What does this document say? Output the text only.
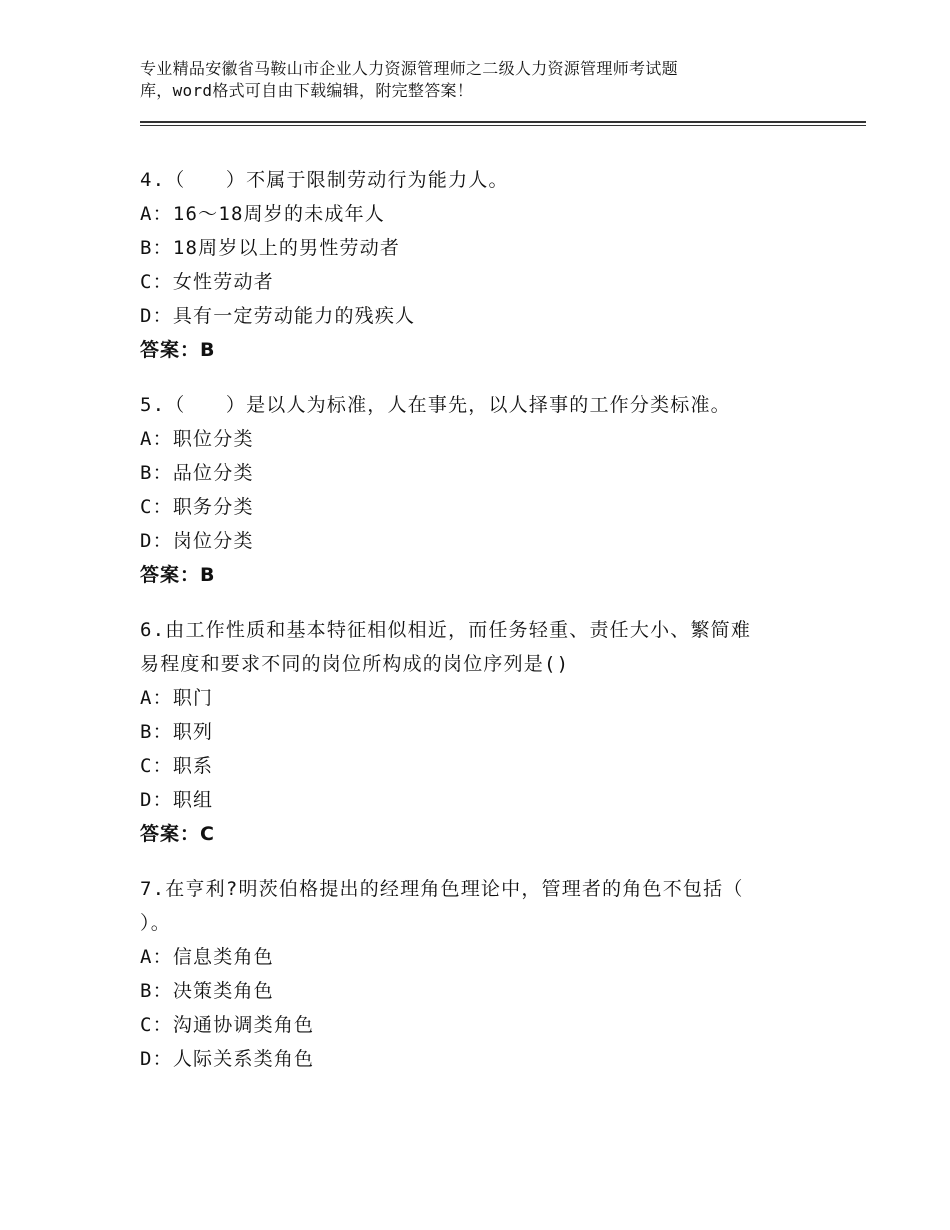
专业精品安徽省马鞍山市企业人力资源管理师之二级人力资源管理师考试题
库，word格式可自由下载编辑，附完整答案！

4.（　　）不属于限制劳动行为能力人。

A：16～18周岁的未成年人

B：18周岁以上的男性劳动者

C：女性劳动者

D：具有一定劳动能力的残疾人

答案：B

5.（　　）是以人为标准，人在事先，以人择事的工作分类标准。

A：职位分类

B：品位分类

C：职务分类

D：岗位分类

答案：B

6.由工作性质和基本特征相似相近，而任务轻重、责任大小、繁简难

易程度和要求不同的岗位所构成的岗位序列是()

A：职门

B：职列

C：职系

D：职组

答案：C

7.在亨利?明茨伯格提出的经理角色理论中，管理者的角色不包括（

）。

A：信息类角色

B：决策类角色

C：沟通协调类角色

D：人际关系类角色
